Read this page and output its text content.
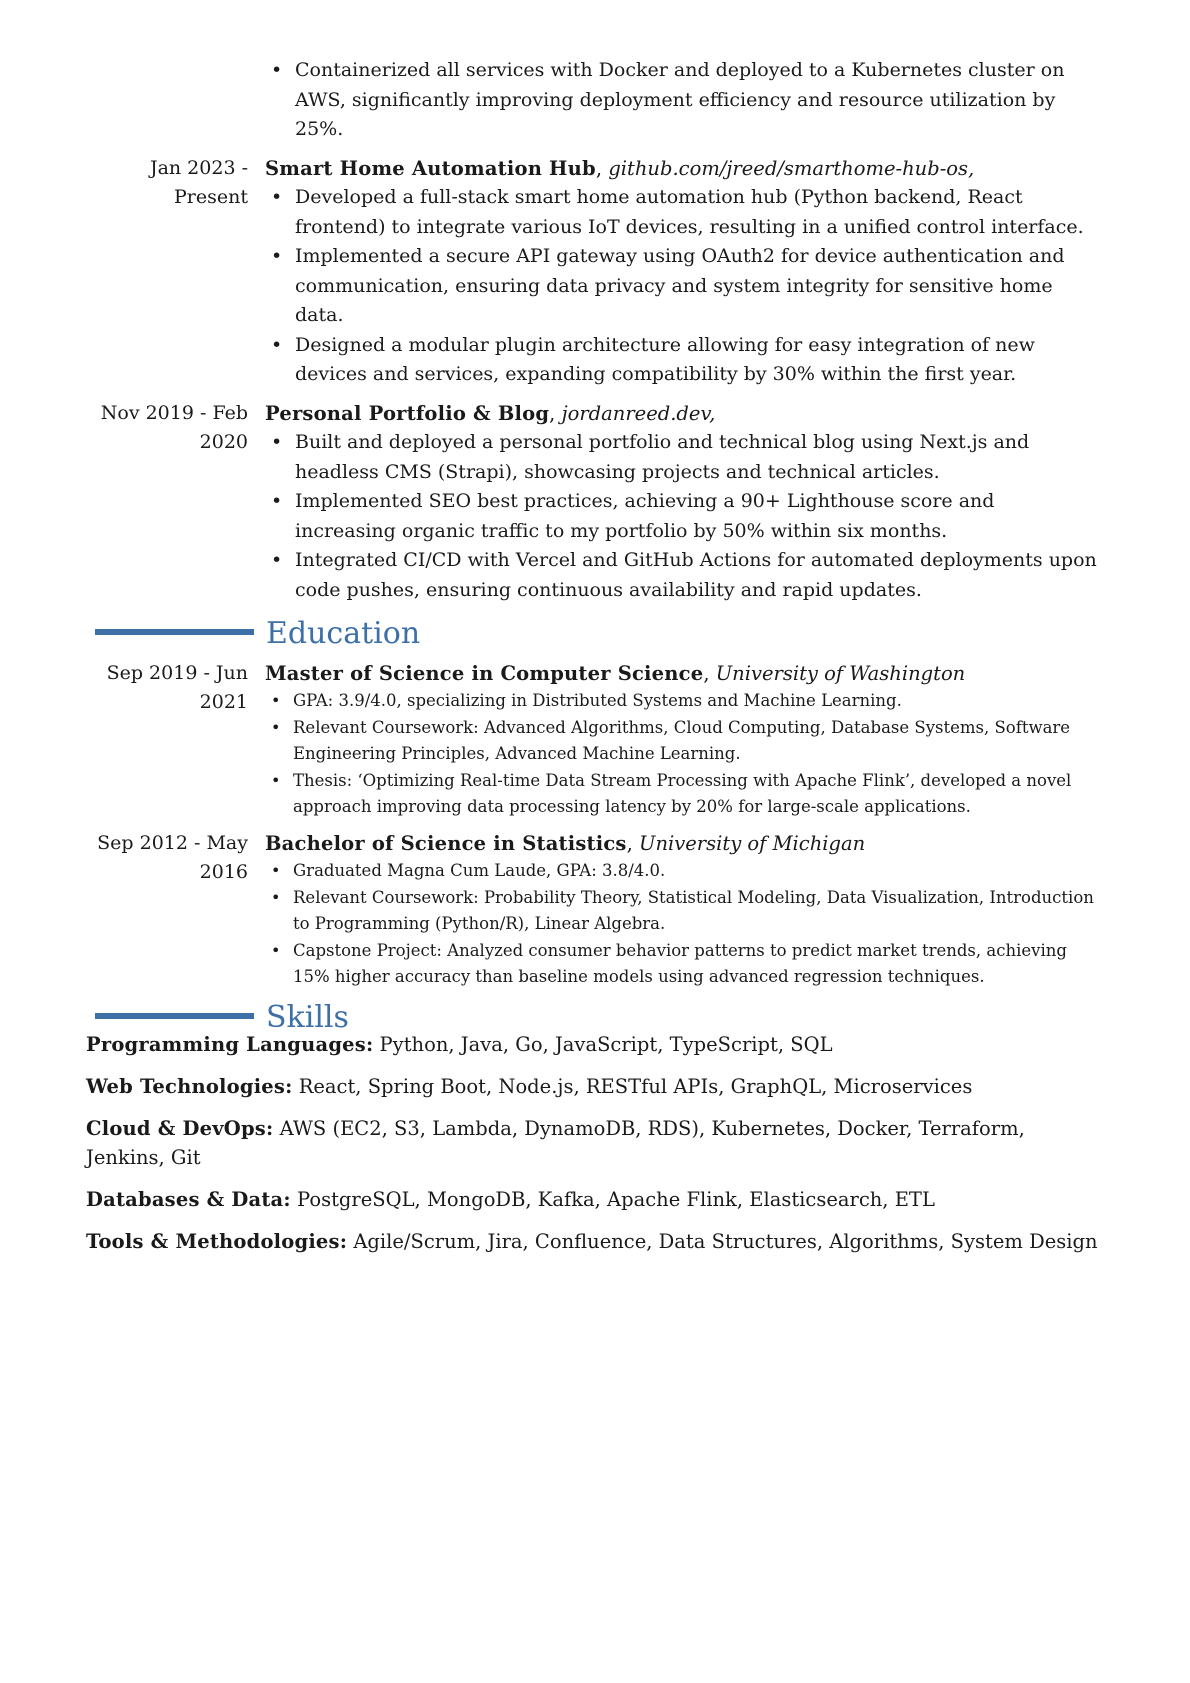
• Containerized all services with Docker and deployed to a Kubernetes cluster on AWS, significantly improving deployment efficiency and resource utilization by 25%.
Jan 2023 - Present
Smart Home Automation Hub, github.com/jreed/smarthome-hub-os,
• Developed a full-stack smart home automation hub (Python backend, React frontend) to integrate various IoT devices, resulting in a unified control interface.
• Implemented a secure API gateway using OAuth2 for device authentication and communication, ensuring data privacy and system integrity for sensitive home data.
• Designed a modular plugin architecture allowing for easy integration of new devices and services, expanding compatibility by 30% within the first year.
Nov 2019 - Feb 2020
Personal Portfolio & Blog, jordanreed.dev,
• Built and deployed a personal portfolio and technical blog using Next.js and headless CMS (Strapi), showcasing projects and technical articles.
• Implemented SEO best practices, achieving a 90+ Lighthouse score and increasing organic traffic to my portfolio by 50% within six months.
• Integrated CI/CD with Vercel and GitHub Actions for automated deployments upon code pushes, ensuring continuous availability and rapid updates.
Education
Sep 2019 - Jun 2021
Master of Science in Computer Science, University of Washington
• GPA: 3.9/4.0, specializing in Distributed Systems and Machine Learning.
• Relevant Coursework: Advanced Algorithms, Cloud Computing, Database Systems, Software Engineering Principles, Advanced Machine Learning.
• Thesis: ‘Optimizing Real-time Data Stream Processing with Apache Flink’, developed a novel approach improving data processing latency by 20% for large-scale applications.
Sep 2012 - May 2016
Bachelor of Science in Statistics, University of Michigan
• Graduated Magna Cum Laude, GPA: 3.8/4.0.
• Relevant Coursework: Probability Theory, Statistical Modeling, Data Visualization, Introduction to Programming (Python/R), Linear Algebra.
• Capstone Project: Analyzed consumer behavior patterns to predict market trends, achieving 15% higher accuracy than baseline models using advanced regression techniques.
Skills
Programming Languages: Python, Java, Go, JavaScript, TypeScript, SQL
Web Technologies: React, Spring Boot, Node.js, RESTful APIs, GraphQL, Microservices
Cloud & DevOps: AWS (EC2, S3, Lambda, DynamoDB, RDS), Kubernetes, Docker, Terraform, Jenkins, Git
Databases & Data: PostgreSQL, MongoDB, Kafka, Apache Flink, Elasticsearch, ETL
Tools & Methodologies: Agile/Scrum, Jira, Confluence, Data Structures, Algorithms, System Design
